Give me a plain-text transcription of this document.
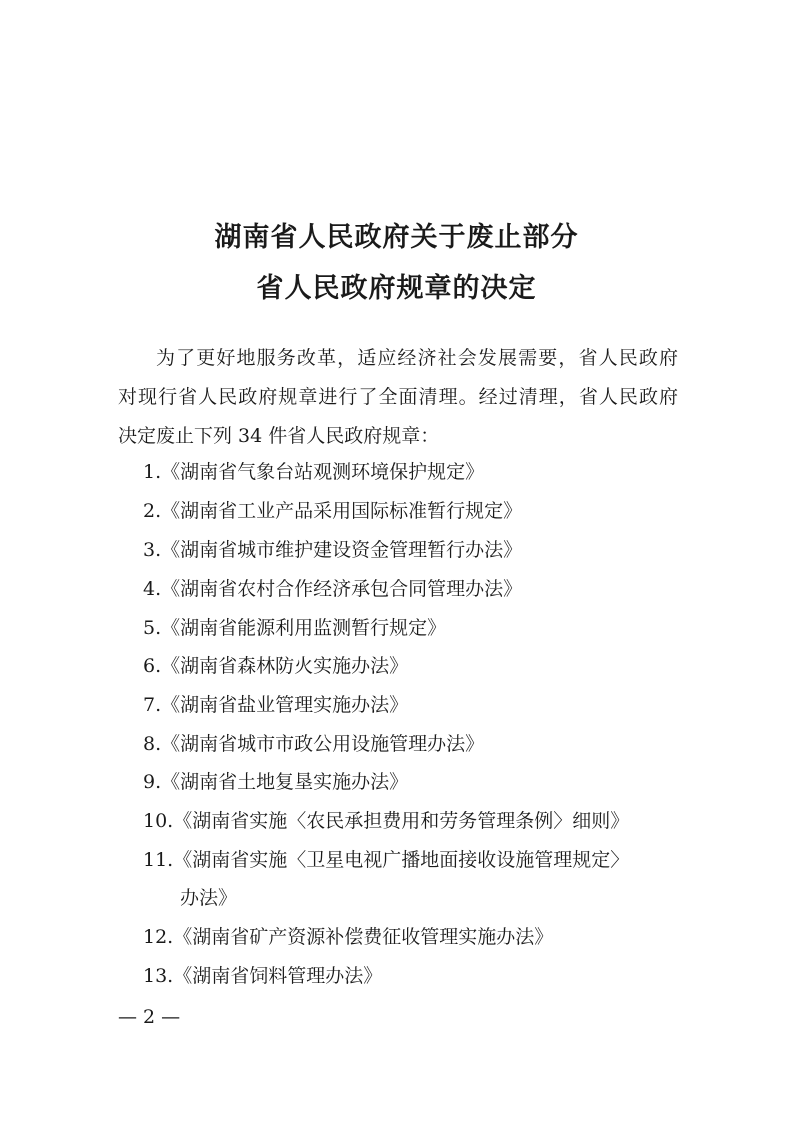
湖南省人民政府关于废止部分
省人民政府规章的决定
为了更好地服务改革，适应经济社会发展需要，省人民政府
对现行省人民政府规章进行了全面清理。经过清理，省人民政府
决定废止下列 34 件省人民政府规章：
1.《湖南省气象台站观测环境保护规定》
2.《湖南省工业产品采用国际标准暂行规定》
3.《湖南省城市维护建设资金管理暂行办法》
4.《湖南省农村合作经济承包合同管理办法》
5.《湖南省能源利用监测暂行规定》
6.《湖南省森林防火实施办法》
7.《湖南省盐业管理实施办法》
8.《湖南省城市市政公用设施管理办法》
9.《湖南省土地复垦实施办法》
10.《湖南省实施〈农民承担费用和劳务管理条例〉细则》
11.《湖南省实施〈卫星电视广播地面接收设施管理规定〉
办法》
12.《湖南省矿产资源补偿费征收管理实施办法》
13.《湖南省饲料管理办法》
— 2 —
